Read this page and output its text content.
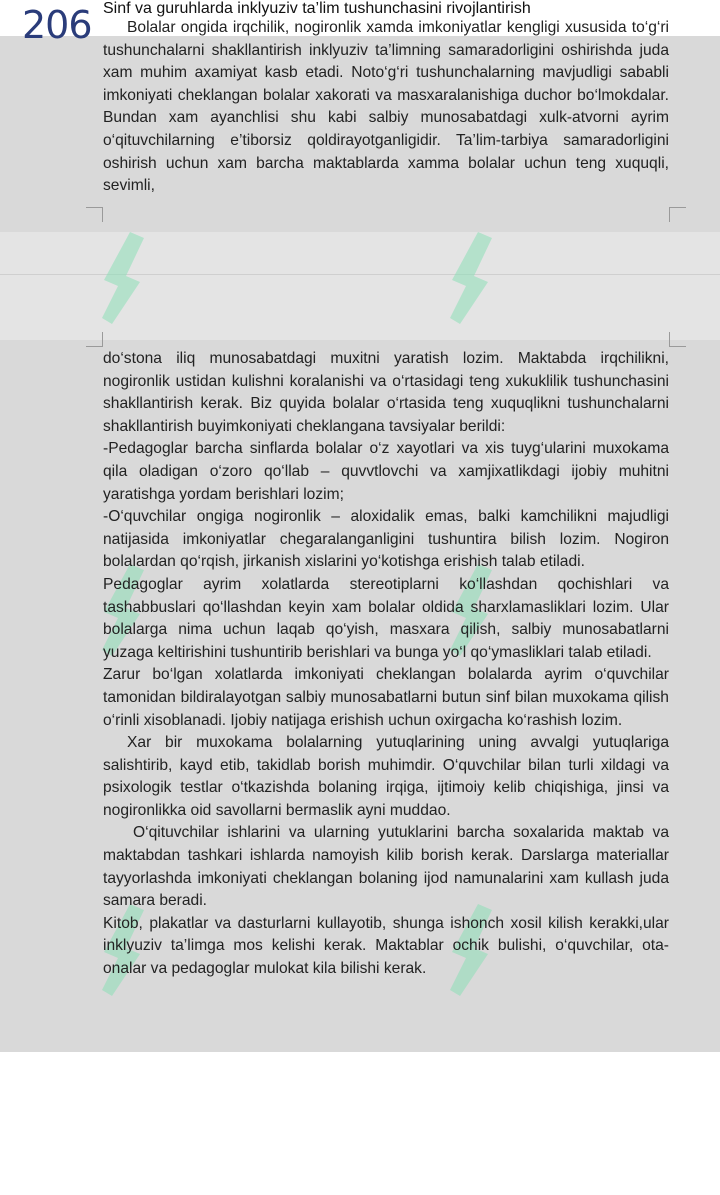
206 Sinf va guruhlarda inklyuziv ta’lim tushunchasini rivojlantirish

Bolalar ongida irqchilik, nogironlik xamda imkoniyatlar kengligi xususida to‘g‘ri tushunchalarni shakllantirish inklyuziv ta’limning samaradorligini oshirishda juda xam muhim axamiyat kasb etadi. Noto‘g‘ri tushunchalarning mavjudligi sababli imkoniyati cheklangan bolalar xakorati va masxaralanishiga duchor bo‘lmokdalar. Bundan xam ayanchlisi shu kabi salbiy munosabatdagi xulk-atvorni ayrim o‘qituvchilarning e’tiborsiz qoldirayotganligidir. Ta’lim-tarbiya samaradorligini oshirish uchun xam barcha maktablarda xamma bolalar uchun teng xuquqli, sevimli,

do‘stona iliq munosabatdagi muxitni yaratish lozim. Maktabda irqchilikni, nogironlik ustidan kulishni koralanishi va o‘rtasidagi teng xukuklilik tushunchasini shakllantirish kerak. Biz quyida bolalar o‘rtasida teng xuquqlikni tushunchalarni shakllantirish buyimkoniyati cheklangana tavsiyalar berildi:

-Pedagoglar barcha sinflarda bolalar o‘z xayotlari va xis tuyg‘ularini muxokama qila oladigan o‘zoro qo‘llab – quvvtlovchi va xamjixatlikdagi ijobiy muhitni yaratishga yordam berishlari lozim;

-O‘quvchilar ongiga nogironlik – aloxidalik emas, balki kamchilikni majudligi natijasida imkoniyatlar chegaralanganligini tushuntira bilish lozim. Nogiron bolalardan qo‘rqish, jirkanish xislarini yo‘kotishga erishish talab etiladi.

Pedagoglar ayrim xolatlarda stereotiplarni ko‘llashdan qochishlari va tashabbuslari qo‘llashdan keyin xam bolalar oldida sharxlamasliklari lozim. Ular bolalarga nima uchun laqab qo‘yish, masxara qilish, salbiy munosabatlarni yuzaga keltirishini tushuntirib berishlari va bunga yo‘l qo‘ymasliklari talab etiladi.

Zarur bo‘lgan xolatlarda imkoniyati cheklangan bolalarda ayrim o‘quvchilar tamonidan bildiralayotgan salbiy munosabatlarni butun sinf bilan muxokama qilish o‘rinli xisoblanadi. Ijobiy natijaga erishish uchun oxirgacha ko‘rashish lozim.

Xar bir muxokama bolalarning yutuqlarining uning avvalgi yutuqlariga salishtirib, kayd etib, takidlab borish muhimdir. O‘quvchilar bilan turli xildagi va psixologik testlar o‘tkazishda bolaning irqiga, ijtimoiy kelib chiqishiga, jinsi va nogironlikka oid savollarni bermaslik ayni muddao.

O‘qituvchilar ishlarini va ularning yutuklarini barcha soxalarida maktab va maktabdan tashkari ishlarda namoyish kilib borish kerak. Darslarga materiallar tayyorlashda imkoniyati cheklangan bolaning ijod namunalarini xam kullash juda samara beradi.

Kitob, plakatlar va dasturlarni kullayotib, shunga ishonch xosil kilish kerakki,ular inklyuziv ta’limga mos kelishi kerak. Maktablar ochik bulishi, o‘quvchilar, ota-onalar va pedagoglar mulokat kila bilishi kerak.
